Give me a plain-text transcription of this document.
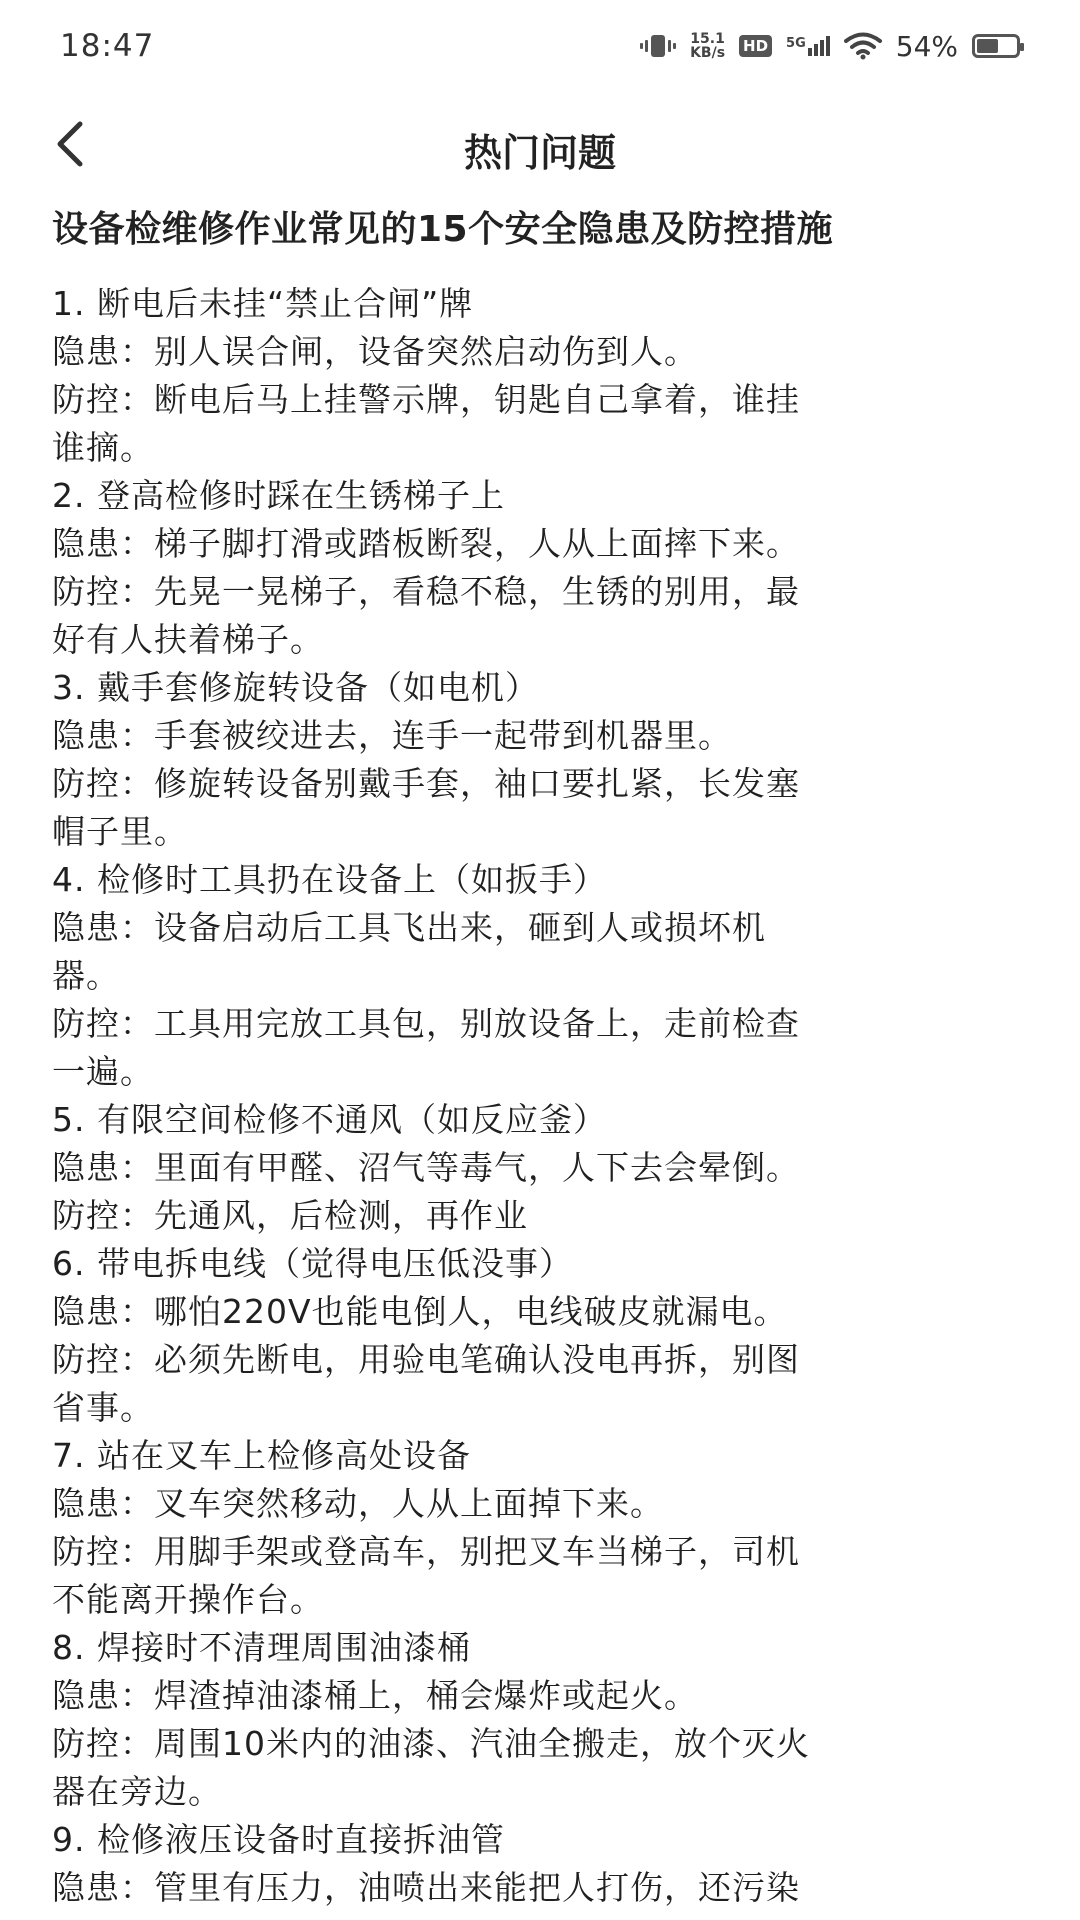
18:47	15.1
KB/s HD	5G	54%
热门问题
设备检维修作业常见的15个安全隐患及防控措施

1. 断电后未挂“禁止合闸”牌

隐患：别人误合闸，设备突然启动伤到人。

防控：断电后马上挂警示牌，钥匙自己拿着，谁挂

谁摘。

2. 登高检修时踩在生锈梯子上

隐患：梯子脚打滑或踏板断裂，人从上面摔下来。

防控：先晃一晃梯子，看稳不稳，生锈的别用，最

好有人扶着梯子。

3. 戴手套修旋转设备（如电机）

隐患：手套被绞进去，连手一起带到机器里。

防控：修旋转设备别戴手套，袖口要扎紧，长发塞

帽子里。

4. 检修时工具扔在设备上（如扳手）

隐患：设备启动后工具飞出来，砸到人或损坏机

器。

防控：工具用完放工具包，别放设备上，走前检查

一遍。

5. 有限空间检修不通风（如反应釜）

隐患：里面有甲醛、沼气等毒气，人下去会晕倒。

防控：先通风，后检测，再作业

6. 带电拆电线（觉得电压低没事）

隐患：哪怕220V也能电倒人，电线破皮就漏电。

防控：必须先断电，用验电笔确认没电再拆，别图

省事。

7. 站在叉车上检修高处设备

隐患：叉车突然移动，人从上面掉下来。

防控：用脚手架或登高车，别把叉车当梯子，司机

不能离开操作台。

8. 焊接时不清理周围油漆桶

隐患：焊渣掉油漆桶上，桶会爆炸或起火。

防控：周围10米内的油漆、汽油全搬走，放个灭火

器在旁边。

9. 检修液压设备时直接拆油管

隐患：管里有压力，油喷出来能把人打伤，还污染
